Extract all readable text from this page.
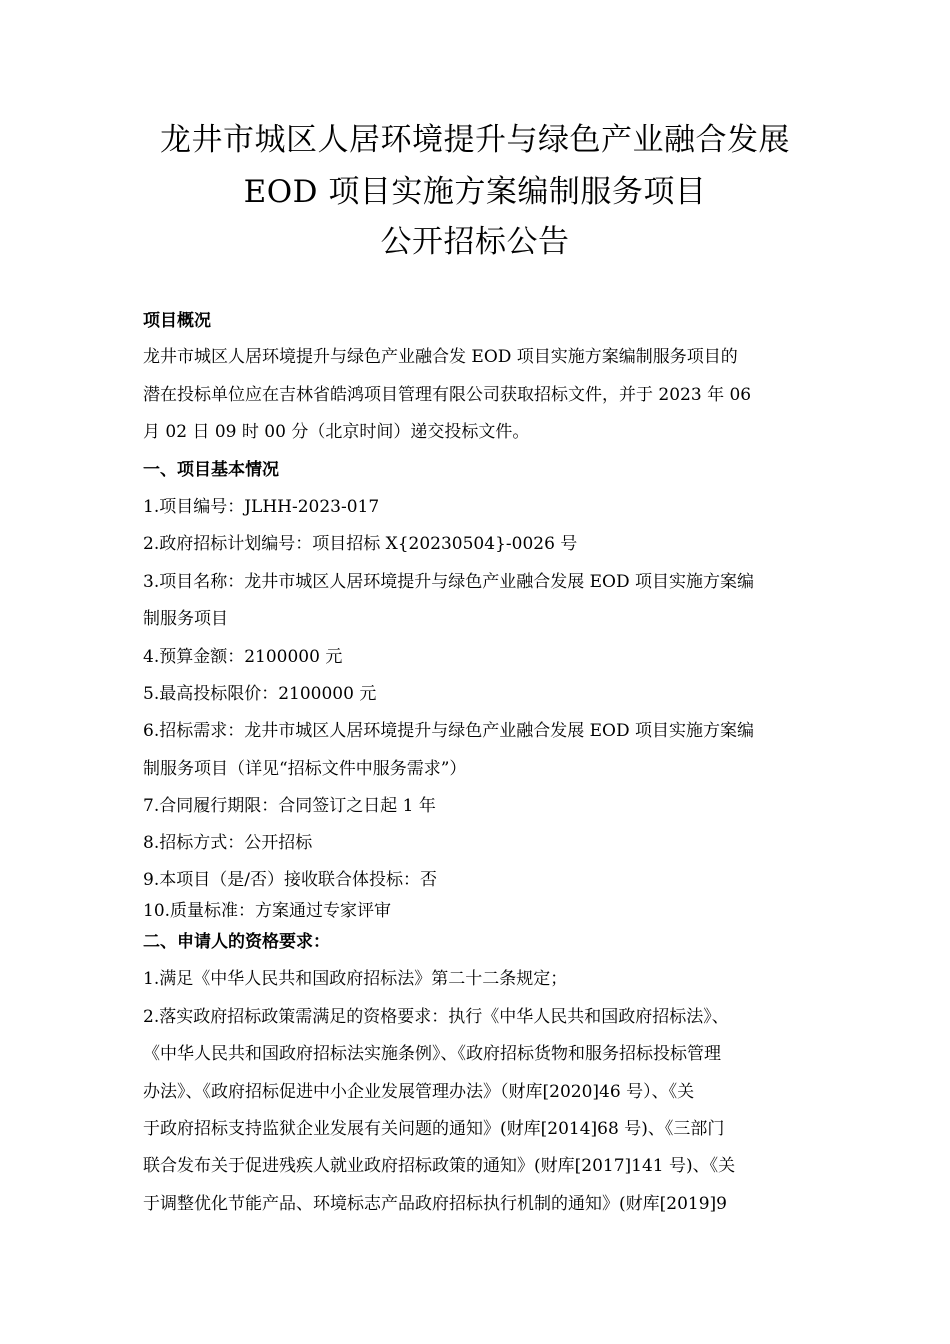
龙井市城区人居环境提升与绿色产业融合发展
EOD 项目实施方案编制服务项目
公开招标公告
项目概况
龙井市城区人居环境提升与绿色产业融合发 EOD 项目实施方案编制服务项目的
潜在投标单位应在吉林省皓鸿项目管理有限公司获取招标文件，并于 2023 年 06
月 02 日 09 时 00 分（北京时间）递交投标文件。
一、项目基本情况
1.项目编号：JLHH-2023-017
2.政府招标计划编号：项目招标 X{20230504}-0026 号
3.项目名称：龙井市城区人居环境提升与绿色产业融合发展 EOD 项目实施方案编
制服务项目
4.预算金额：2100000 元
5.最高投标限价：2100000 元
6.招标需求：龙井市城区人居环境提升与绿色产业融合发展 EOD 项目实施方案编
制服务项目（详见“招标文件中服务需求”）
7.合同履行期限：合同签订之日起 1 年
8.招标方式：公开招标
9.本项目（是/否）接收联合体投标：否
10.质量标准：方案通过专家评审
二、申请人的资格要求：
1.满足《中华人民共和国政府招标法》第二十二条规定；
2.落实政府招标政策需满足的资格要求：执行《中华人民共和国政府招标法》、
《中华人民共和国政府招标法实施条例》、《政府招标货物和服务招标投标管理
办法》、《政府招标促进中小企业发展管理办法》（财库[2020]46 号）、《关
于政府招标支持监狱企业发展有关问题的通知》(财库[2014]68 号)、《三部门
联合发布关于促进残疾人就业政府招标政策的通知》(财库[2017]141 号)、《关
于调整优化节能产品、环境标志产品政府招标执行机制的通知》(财库[2019]9
